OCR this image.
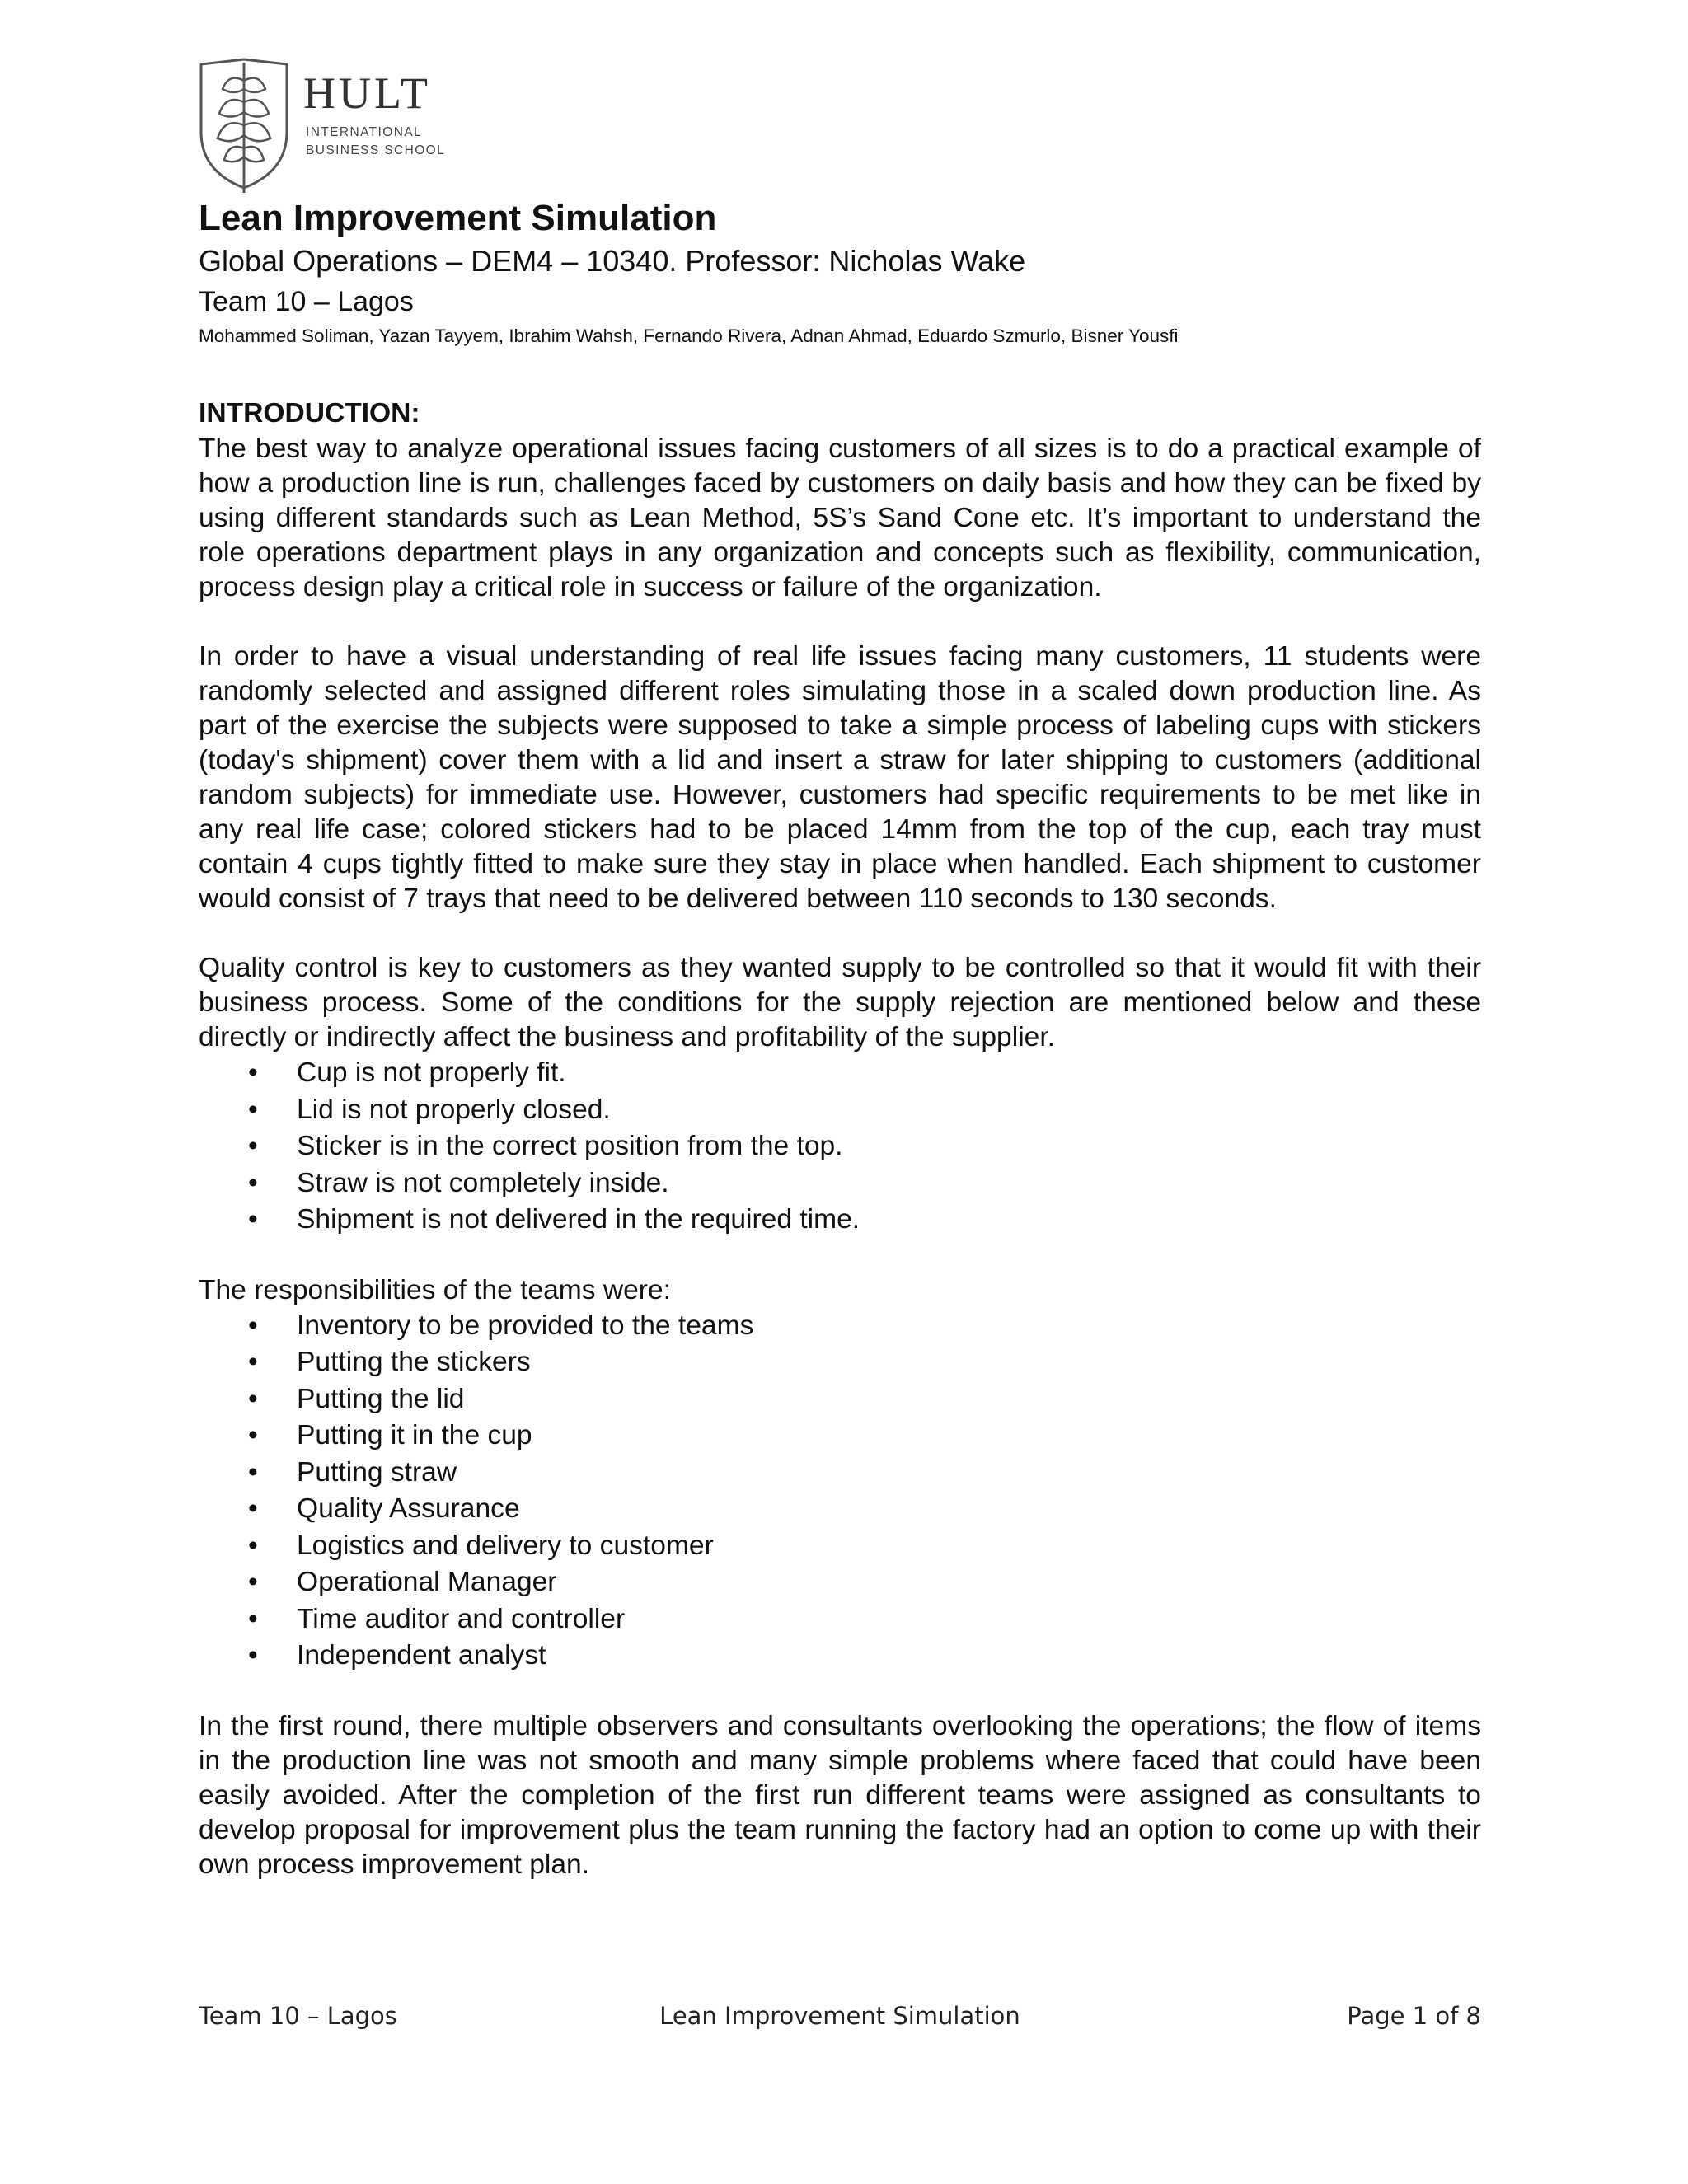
HULT
INTERNATIONAL
BUSINESS SCHOOL

Lean Improvement Simulation

Global Operations – DEM4 – 10340. Professor: Nicholas Wake

Team 10 – Lagos

Mohammed Soliman, Yazan Tayyem, Ibrahim Wahsh, Fernando Rivera, Adnan Ahmad, Eduardo Szmurlo, Bisner Yousfi

INTRODUCTION:

The best way to analyze operational issues facing customers of all sizes is to do a practical example of how a production line is run, challenges faced by customers on daily basis and how they can be fixed by using different standards such as Lean Method, 5S’s Sand Cone etc. It’s important to understand the role operations department plays in any organization and concepts such as flexibility, communication, process design play a critical role in success or failure of the organization.

In order to have a visual understanding of real life issues facing many customers, 11 students were randomly selected and assigned different roles simulating those in a scaled down production line. As part of the exercise the subjects were supposed to take a simple process of labeling cups with stickers (today's shipment) cover them with a lid and insert a straw for later shipping to customers (additional random subjects) for immediate use. However, customers had specific requirements to be met like in any real life case; colored stickers had to be placed 14mm from the top of the cup, each tray must contain 4 cups tightly fitted to make sure they stay in place when handled. Each shipment to customer would consist of 7 trays that need to be delivered between 110 seconds to 130 seconds.

Quality control is key to customers as they wanted supply to be controlled so that it would fit with their business process. Some of the conditions for the supply rejection are mentioned below and these directly or indirectly affect the business and profitability of the supplier.

• Cup is not properly fit.
• Lid is not properly closed.
• Sticker is in the correct position from the top.
• Straw is not completely inside.
• Shipment is not delivered in the required time.

The responsibilities of the teams were:

• Inventory to be provided to the teams
• Putting the stickers
• Putting the lid
• Putting it in the cup
• Putting straw
• Quality Assurance
• Logistics and delivery to customer
• Operational Manager
• Time auditor and controller
• Independent analyst

In the first round, there multiple observers and consultants overlooking the operations; the flow of items in the production line was not smooth and many simple problems where faced that could have been easily avoided. After the completion of the first run different teams were assigned as consultants to develop proposal for improvement plus the team running the factory had an option to come up with their own process improvement plan.

Team 10 – Lagos	Lean Improvement Simulation	Page 1 of 8
